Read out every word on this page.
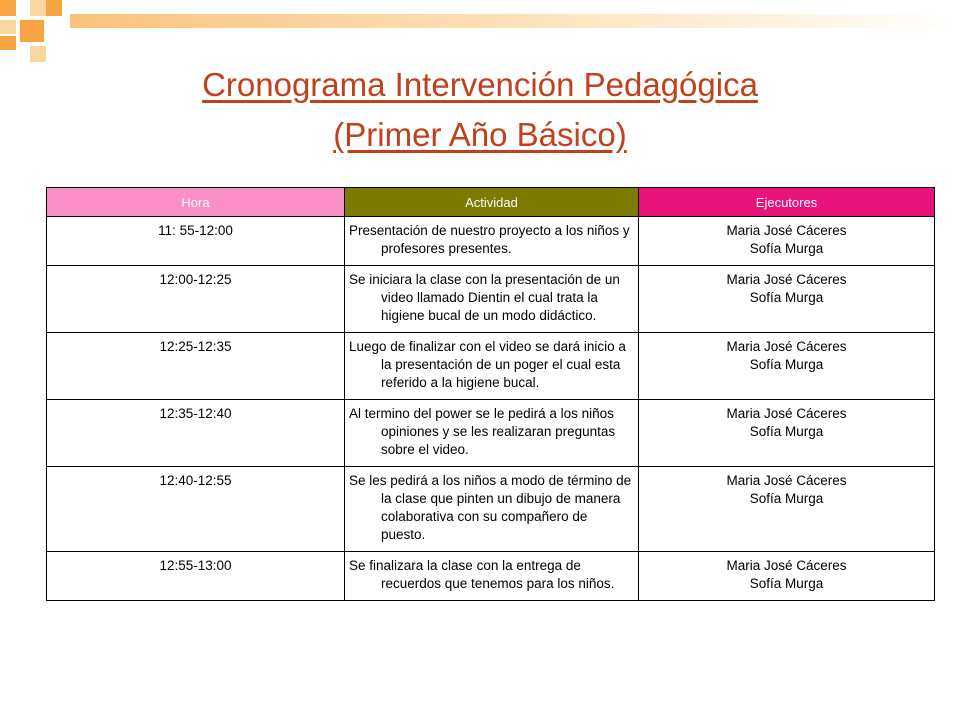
Cronograma Intervención Pedagógica
(Primer Año Básico)
Hora	Actividad	Ejecutores
11: 55-12:00	Presentación de nuestro proyecto a los niños y profesores presentes.	Maria José Cáceres
Sofía Murga

12:00-12:25	Se iniciara la clase con la presentación de un video llamado Dientin el cual trata la higiene bucal de un modo didáctico.	Maria José Cáceres
Sofía Murga

12:25-12:35	Luego de finalizar con el video se dará inicio a la presentación de un poger el cual esta referido a la higiene bucal.	Maria José Cáceres
Sofía Murga

12:35-12:40	Al termino del power se le pedirá a los niños opiniones y se les realizaran preguntas sobre el video.	Maria José Cáceres
Sofía Murga

12:40-12:55	Se les pedirá a los niños a modo de término de la clase que pinten un dibujo de manera colaborativa con su compañero de puesto.	Maria José Cáceres
Sofía Murga

12:55-13:00	Se finalizara la clase con la entrega de recuerdos que tenemos para los niños.	Maria José Cáceres
Sofía Murga
